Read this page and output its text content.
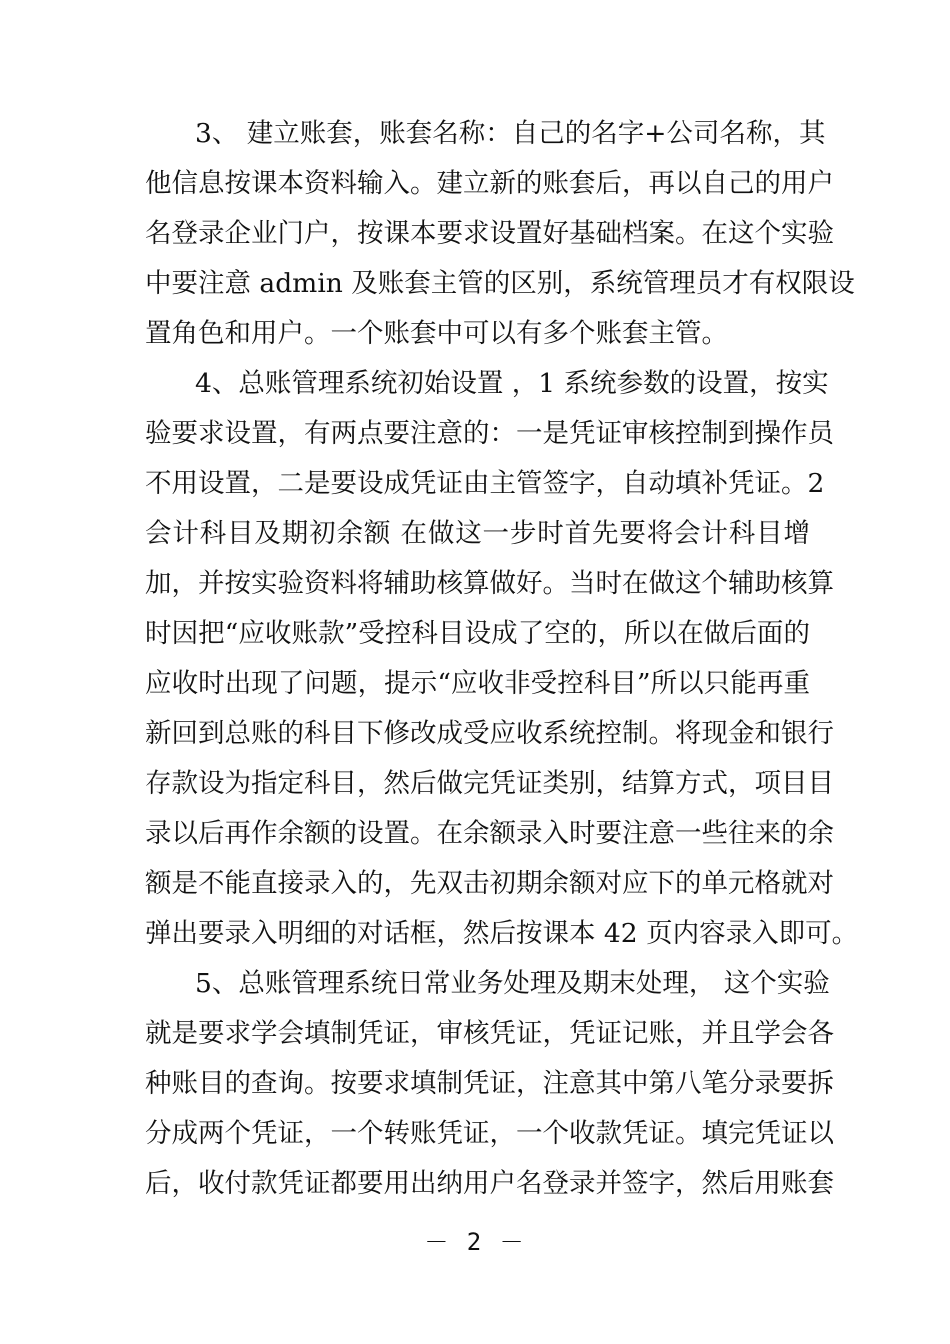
3、 建立账套，账套名称：自己的名字+公司名称，其
他信息按课本资料输入。建立新的账套后，再以自己的用户
名登录企业门户，按课本要求设置好基础档案。在这个实验
中要注意 admin 及账套主管的区别，系统管理员才有权限设
置角色和用户。一个账套中可以有多个账套主管。
4、总账管理系统初始设置 ，1 系统参数的设置，按实
验要求设置，有两点要注意的：一是凭证审核控制到操作员
不用设置，二是要设成凭证由主管签字，自动填补凭证。2
会计科目及期初余额 在做这一步时首先要将会计科目增
加，并按实验资料将辅助核算做好。当时在做这个辅助核算
时因把“应收账款”受控科目设成了空的，所以在做后面的
应收时出现了问题，提示“应收非受控科目”所以只能再重
新回到总账的科目下修改成受应收系统控制。将现金和银行
存款设为指定科目，然后做完凭证类别，结算方式，项目目
录以后再作余额的设置。在余额录入时要注意一些往来的余
额是不能直接录入的，先双击初期余额对应下的单元格就对
弹出要录入明细的对话框，然后按课本 42 页内容录入即可。
5、总账管理系统日常业务处理及期末处理， 这个实验
就是要求学会填制凭证，审核凭证，凭证记账，并且学会各
种账目的查询。按要求填制凭证，注意其中第八笔分录要拆
分成两个凭证，一个转账凭证，一个收款凭证。填完凭证以
后，收付款凭证都要用出纳用户名登录并签字，然后用账套
－ 2 －
